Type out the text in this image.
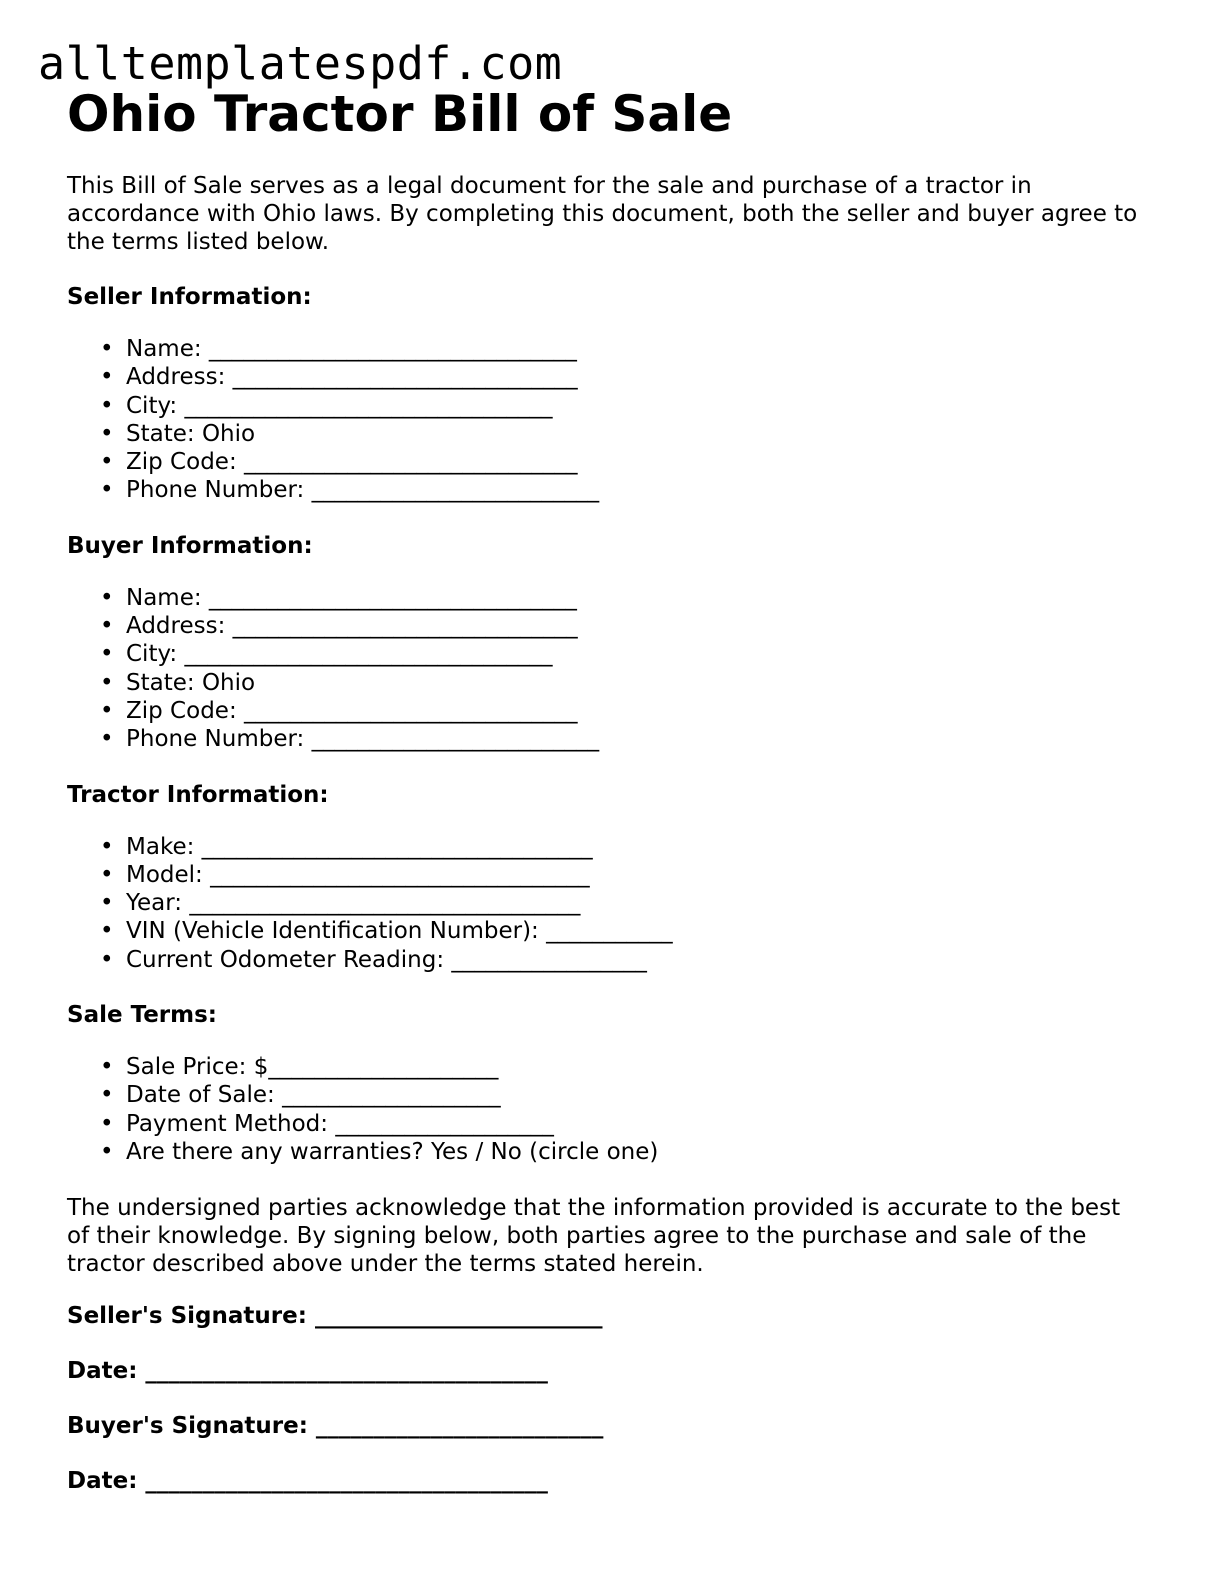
alltemplatespdf.com
Ohio Tractor Bill of Sale

This Bill of Sale serves as a legal document for the sale and purchase of a tractor in accordance with Ohio laws. By completing this document, both the seller and buyer agree to the terms listed below.

Seller Information:
• Name: ________________________________
• Address: ______________________________
• City: ________________________________
• State: Ohio
• Zip Code: _____________________________
• Phone Number: _________________________
Buyer Information:
• Name: ________________________________
• Address: ______________________________
• City: ________________________________
• State: Ohio
• Zip Code: _____________________________
• Phone Number: _________________________
Tractor Information:
• Make: __________________________________
• Model: _________________________________
• Year: __________________________________
• VIN (Vehicle Identification Number): ___________
• Current Odometer Reading: _________________
Sale Terms:
• Sale Price: $____________________
• Date of Sale: ___________________
• Payment Method: ___________________
• Are there any warranties? Yes / No (circle one)

The undersigned parties acknowledge that the information provided is accurate to the best of their knowledge. By signing below, both parties agree to the purchase and sale of the tractor described above under the terms stated herein.

Seller's Signature: _________________________
Date: ___________________________________
Buyer's Signature: _________________________
Date: ___________________________________
